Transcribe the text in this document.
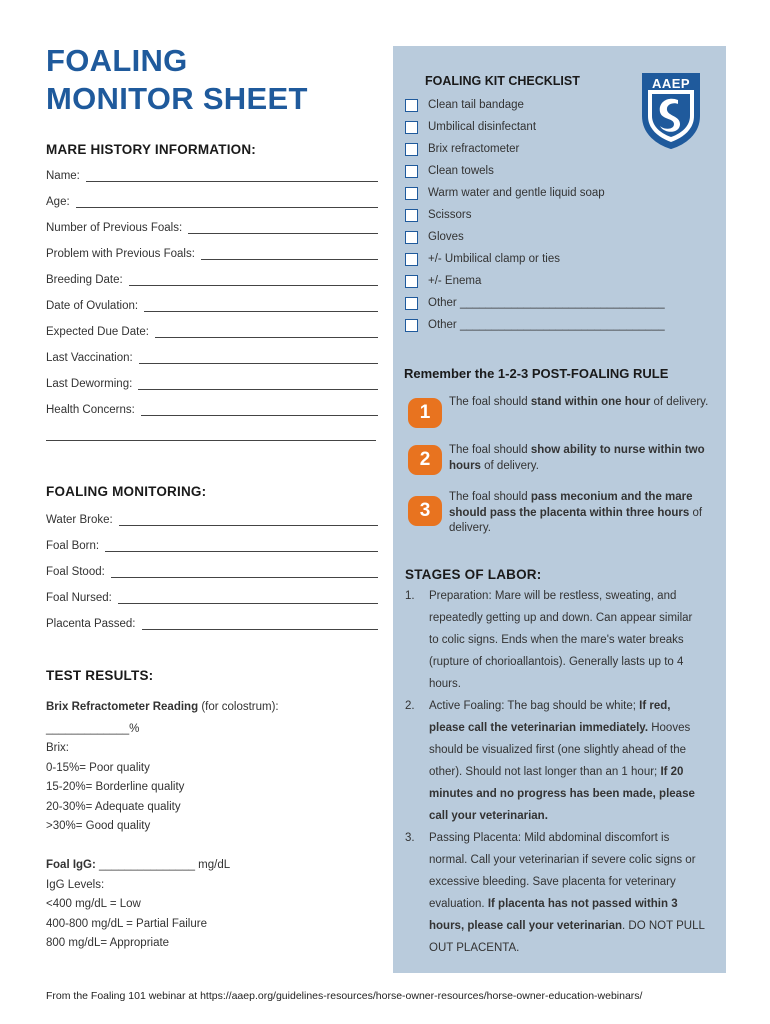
FOALING
MONITOR SHEET
MARE HISTORY INFORMATION:
Name:
Age:
Number of Previous Foals:
Problem with Previous Foals:
Breeding Date:
Date of Ovulation:
Expected Due Date:
Last Vaccination:
Last Deworming:
Health Concerns:
FOALING MONITORING:
Water Broke:
Foal Born:
Foal Stood:
Foal Nursed:
Placenta Passed:
TEST RESULTS:
Brix Refractometer Reading (for colostrum):
_____________%
Brix:
0-15%= Poor quality
15-20%= Borderline quality
20-30%= Adequate quality
>30%= Good quality
Foal IgG: _______________ mg/dL
IgG Levels:
<400 mg/dL = Low
400-800 mg/dL = Partial Failure
800 mg/dL= Appropriate
FOALING KIT CHECKLIST	AAEP
Clean tail bandage
Umbilical disinfectant
Brix refractometer
Clean towels
Warm water and gentle liquid soap
Scissors
Gloves
+/- Umbilical clamp or ties
+/- Enema
Other ________________________________
Other ________________________________
Remember the 1-2-3 POST-FOALING RULE
1	The foal should stand within one hour of delivery.
2	The foal should show ability to nurse within two hours of delivery.
3
The foal should pass meconium and the mare should pass the placenta within three hours of delivery.
STAGES OF LABOR:
1.	Preparation: Mare will be restless, sweating, and repeatedly getting up and down. Can appear similar to colic signs. Ends when the mare's water breaks (rupture of chorioallantois). Generally lasts up to 4 hours.
2.	Active Foaling: The bag should be white; If red, please call the veterinarian immediately. Hooves should be visualized first (one slightly ahead of the other). Should not last longer than an 1 hour; If 20 minutes and no progress has been made, please call your veterinarian.
3.	Passing Placenta: Mild abdominal discomfort is normal. Call your veterinarian if severe colic signs or excessive bleeding. Save placenta for veterinary evaluation. If placenta has not passed within 3 hours, please call your veterinarian. DO NOT PULL OUT PLACENTA.
From the Foaling 101 webinar at https://aaep.org/guidelines-resources/horse-owner-resources/horse-owner-education-webinars/
